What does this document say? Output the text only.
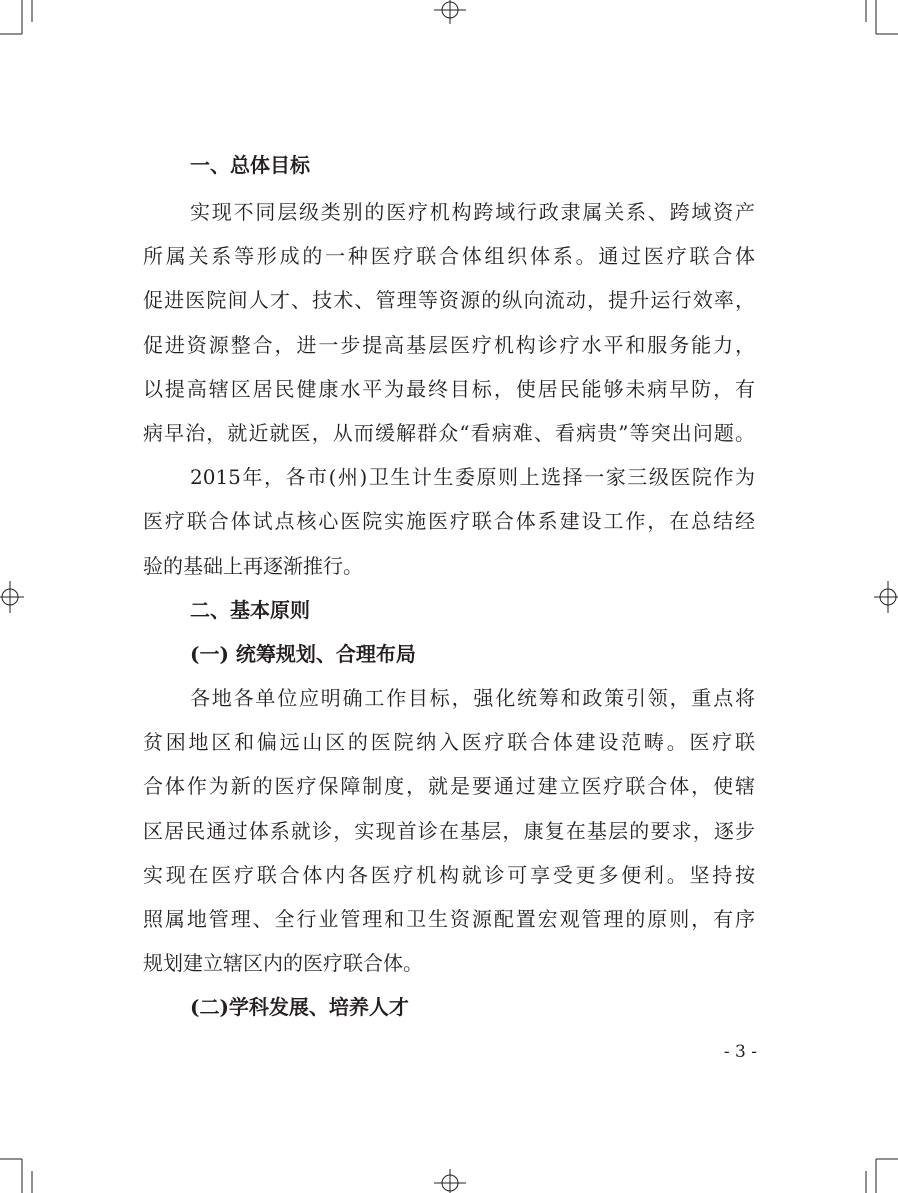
一、总体目标
实现不同层级类别的医疗机构跨域行政隶属关系、跨域资产
所属关系等形成的一种医疗联合体组织体系。通过医疗联合体
促进医院间人才、技术、管理等资源的纵向流动，提升运行效率，
促进资源整合，进一步提高基层医疗机构诊疗水平和服务能力，
以提高辖区居民健康水平为最终目标，使居民能够未病早防，有
病早治，就近就医，从而缓解群众“看病难、看病贵”等突出问题。
2015年，各市(州)卫生计生委原则上选择一家三级医院作为
医疗联合体试点核心医院实施医疗联合体系建设工作，在总结经
验的基础上再逐渐推行。
二、基本原则
(一) 统筹规划、合理布局
各地各单位应明确工作目标，强化统筹和政策引领，重点将
贫困地区和偏远山区的医院纳入医疗联合体建设范畴。医疗联
合体作为新的医疗保障制度，就是要通过建立医疗联合体，使辖
区居民通过体系就诊，实现首诊在基层，康复在基层的要求，逐步
实现在医疗联合体内各医疗机构就诊可享受更多便利。坚持按
照属地管理、全行业管理和卫生资源配置宏观管理的原则，有序
规划建立辖区内的医疗联合体。
(二)学科发展、培养人才
- 3 -
